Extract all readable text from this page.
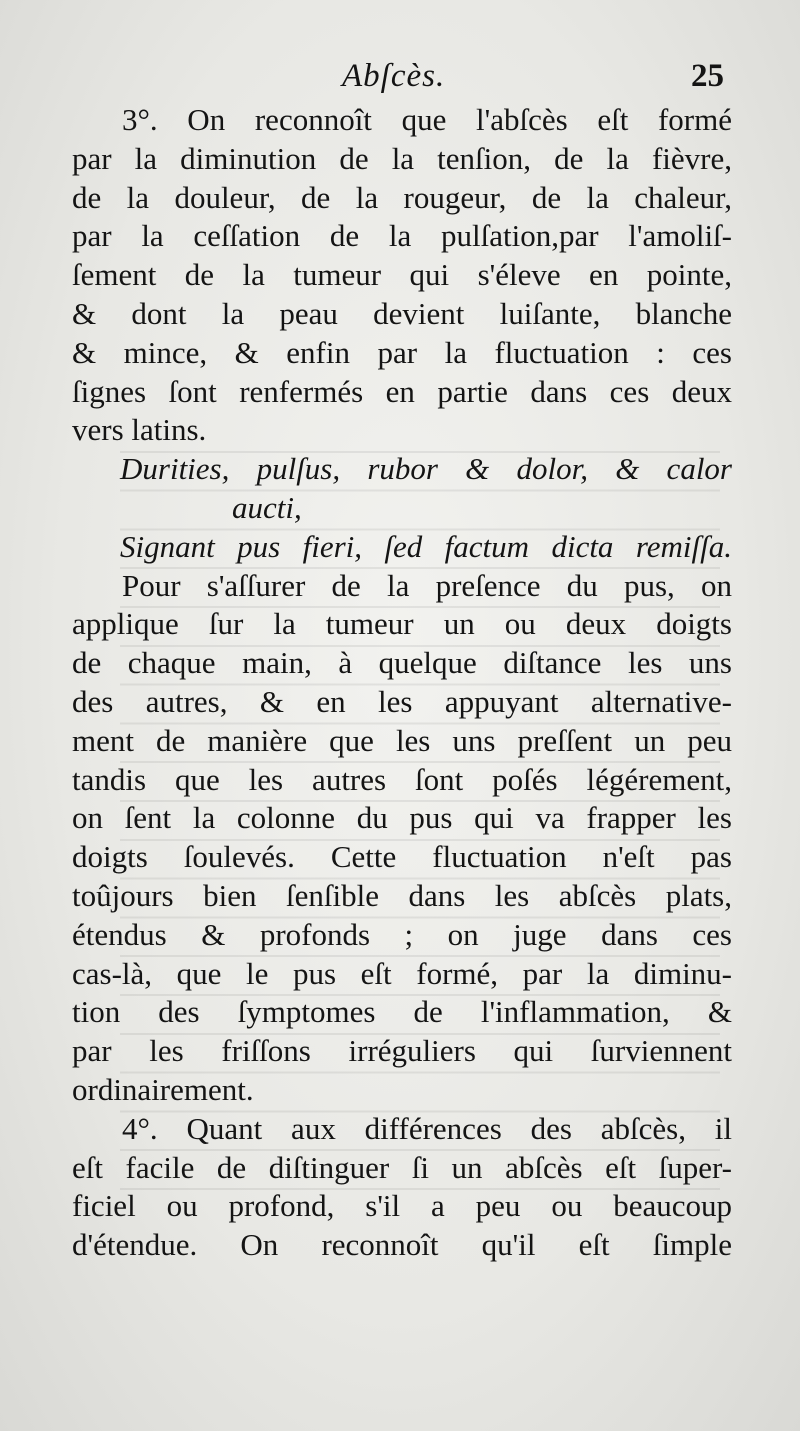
Abſcès.	25
3°. On reconnoît que l'abſcès eſt formé
par la diminution de la tenſion, de la fièvre,
de la douleur, de la rougeur, de la chaleur,
par la ceſſation de la pulſation,par l'amoliſ-
ſement de la tumeur qui s'éleve en pointe,
& dont la peau devient luiſante, blanche
& mince, & enfin par la fluctuation : ces
ſignes ſont renfermés en partie dans ces deux
vers latins.
Durities, pulſus, rubor & dolor, & calor
aucti,
Signant pus fieri, ſed factum dicta remiſſa.
Pour s'aſſurer de la preſence du pus, on
applique ſur la tumeur un ou deux doigts
de chaque main, à quelque diſtance les uns
des autres, & en les appuyant alternative-
ment de manière que les uns preſſent un peu
tandis que les autres ſont poſés légérement,
on ſent la colonne du pus qui va frapper les
doigts ſoulevés. Cette fluctuation n'eſt pas
toûjours bien ſenſible dans les abſcès plats,
étendus & profonds ; on juge dans ces
cas-là, que le pus eſt formé, par la diminu-
tion des ſymptomes de l'inflammation, &
par les friſſons irréguliers qui ſurviennent
ordinairement.
4°. Quant aux différences des abſcès, il
eſt facile de diſtinguer ſi un abſcès eſt ſuper-
ficiel ou profond, s'il a peu ou beaucoup
d'étendue. On reconnoît qu'il eſt ſimple
